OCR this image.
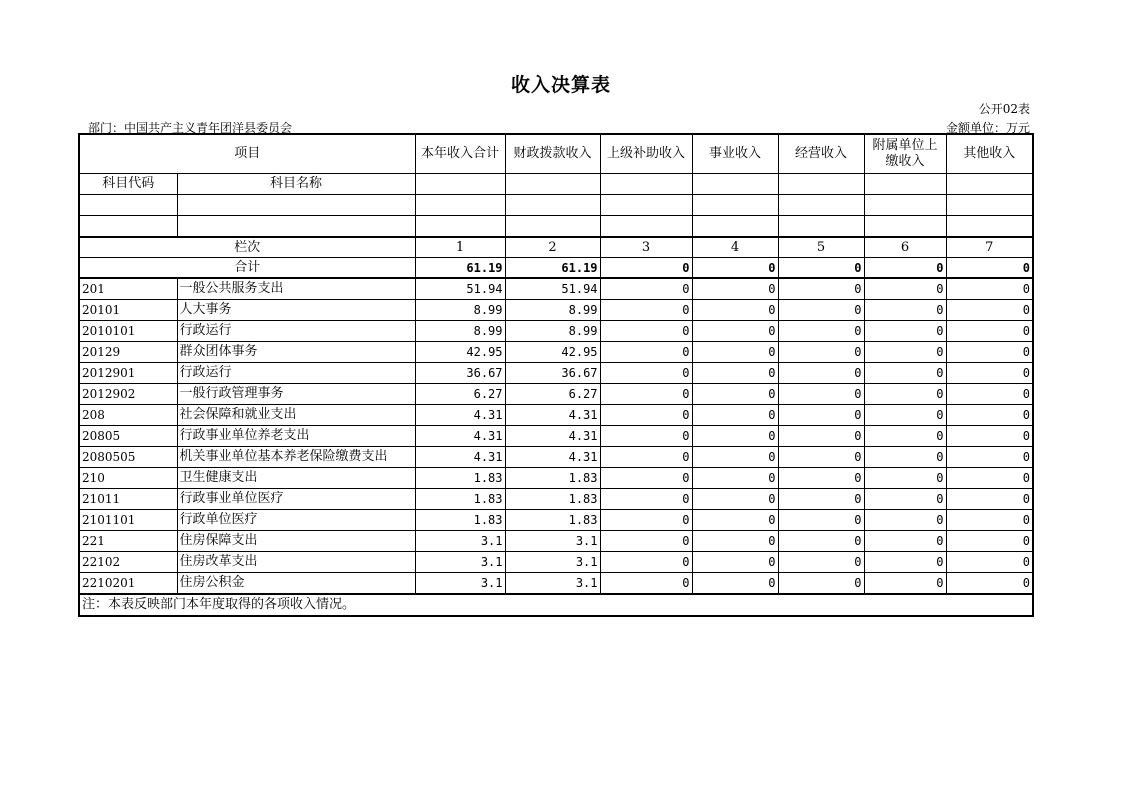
收入决算表
公开02表
部门：中国共产主义青年团洋县委员会	金额单位：万元
项目		本年收入合计	财政拨款收入	上级补助收入	事业收入	经营收入	附属单位上缴收入	其他收入
科目代码	科目名称							

栏次		1	2	3	4	5	6	7
合计		61.19	61.19	0	0	0	0	0
201	一般公共服务支出	51.94	51.94	0	0	0	0	0
20101	人大事务	8.99	8.99	0	0	0	0	0
2010101	行政运行	8.99	8.99	0	0	0	0	0
20129	群众团体事务	42.95	42.95	0	0	0	0	0
2012901	行政运行	36.67	36.67	0	0	0	0	0
2012902	一般行政管理事务	6.27	6.27	0	0	0	0	0
208	社会保障和就业支出	4.31	4.31	0	0	0	0	0
20805	行政事业单位养老支出	4.31	4.31	0	0	0	0	0
2080505	机关事业单位基本养老保险缴费支出	4.31	4.31	0	0	0	0	0
210	卫生健康支出	1.83	1.83	0	0	0	0	0
21011	行政事业单位医疗	1.83	1.83	0	0	0	0	0
2101101	行政单位医疗	1.83	1.83	0	0	0	0	0
221	住房保障支出	3.1	3.1	0	0	0	0	0
22102	住房改革支出	3.1	3.1	0	0	0	0	0
2210201	住房公积金	3.1	3.1	0	0	0	0	0
注：本表反映部门本年度取得的各项收入情况。								
